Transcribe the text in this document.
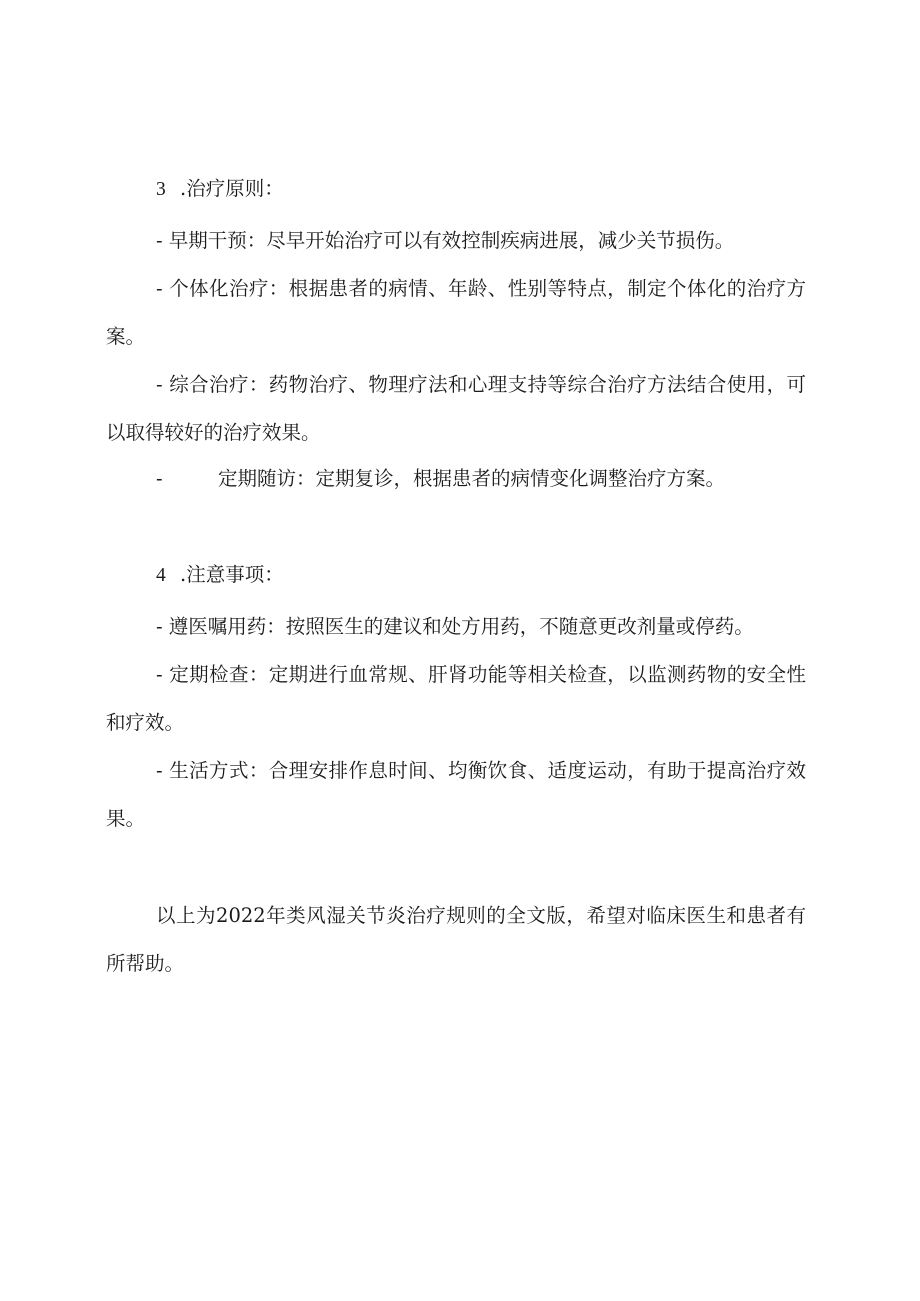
3 .治疗原则：

- 早期干预：尽早开始治疗可以有效控制疾病进展，减少关节损伤。

- 个体化治疗：根据患者的病情、年龄、性别等特点，制定个体化的治疗方案。

- 综合治疗：药物治疗、物理疗法和心理支持等综合治疗方法结合使用，可以取得较好的治疗效果。

-	定期随访：定期复诊，根据患者的病情变化调整治疗方案。
4 .注意事项：

- 遵医嘱用药：按照医生的建议和处方用药，不随意更改剂量或停药。

- 定期检查：定期进行血常规、肝肾功能等相关检查，以监测药物的安全性和疗效。

- 生活方式：合理安排作息时间、均衡饮食、适度运动，有助于提高治疗效果。

以上为2022年类风湿关节炎治疗规则的全文版，希望对临床医生和患者有所帮助。
